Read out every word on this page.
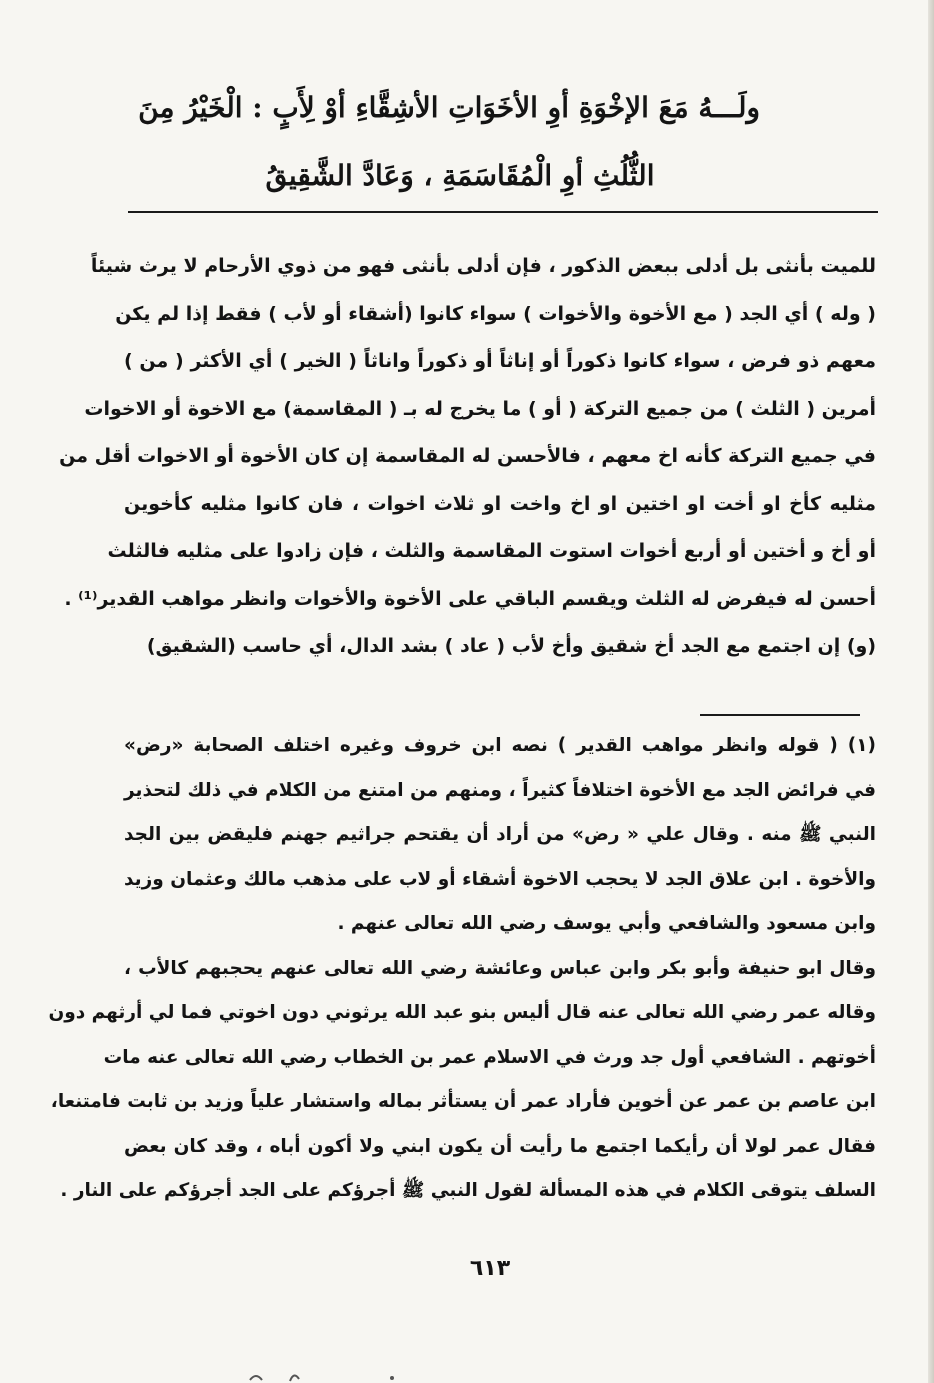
ولَـــهُ مَعَ الإخْوَةِ أوِ الأخَوَاتِ الأشِقَّاءِ أوْ لِأَبٍ : الْخَيْرُ مِنَ
الثُّلُثِ أوِ الْمُقَاسَمَةِ ، وَعَادَّ الشَّقِيقُ
للميت بأنثى بل أدلى ببعض الذكور ، فإن أدلى بأنثى فهو من ذوي الأرحام لا يرث شيئاً
( وله ) أي الجد ( مع الأخوة والأخوات ) سواء كانوا (أشقاء أو لأب ) فقط إذا لم يكن
معهم ذو فرض ، سواء كانوا ذكوراً أو إناثاً أو ذكوراً واناثاً ( الخير ) أي الأكثر ( من )
أمرين ( الثلث ) من جميع التركة ( أو ) ما يخرج له بـ ( المقاسمة) مع الاخوة أو الاخوات
في جميع التركة كأنه اخ معهم ، فالأحسن له المقاسمة إن كان الأخوة أو الاخوات أقل من
مثليه كأخ او أخت او اختين او اخ واخت او ثلاث اخوات ، فان كانوا مثليه كأخوين
أو أخ و أختين أو أربع أخوات استوت المقاسمة والثلث ، فإن زادوا على مثليه فالثلث
أحسن له فيفرض له الثلث ويقسم الباقي على الأخوة والأخوات وانظر مواهب القدير⁽¹⁾ .
(و) إن اجتمع مع الجد أخ شقيق وأخ لأب ( عاد ) بشد الدال، أي حاسب (الشقيق)
(١) ( قوله وانظر مواهب القدير ) نصه ابن خروف وغيره اختلف الصحابة «رض»
في فرائض الجد مع الأخوة اختلافاً كثيراً ، ومنهم من امتنع من الكلام في ذلك لتحذير
النبي ﷺ منه . وقال علي « رض» من أراد أن يقتحم جراثيم جهنم فليقض بين الجد
والأخوة . ابن علاق الجد لا يحجب الاخوة أشقاء أو لاب على مذهب مالك وعثمان وزيد
وابن مسعود والشافعي وأبي يوسف رضي الله تعالى عنهم .
وقال ابو حنيفة وأبو بكر وابن عباس وعائشة رضي الله تعالى عنهم يحجبهم كالأب ،
وقاله عمر رضي الله تعالى عنه قال أليس بنو عبد الله يرثوني دون اخوتي فما لي أرثهم دون
أخوتهم . الشافعي أول جد ورث في الاسلام عمر بن الخطاب رضي الله تعالى عنه مات
ابن عاصم بن عمر عن أخوين فأراد عمر أن يستأثر بماله واستشار علياً وزيد بن ثابت فامتنعا،
فقال عمر لولا أن رأيكما اجتمع ما رأيت أن يكون ابني ولا أكون أباه ، وقد كان بعض
السلف يتوقى الكلام في هذه المسألة لقول النبي ﷺ أجرؤكم على الجد أجرؤكم على النار .
٦١٣
